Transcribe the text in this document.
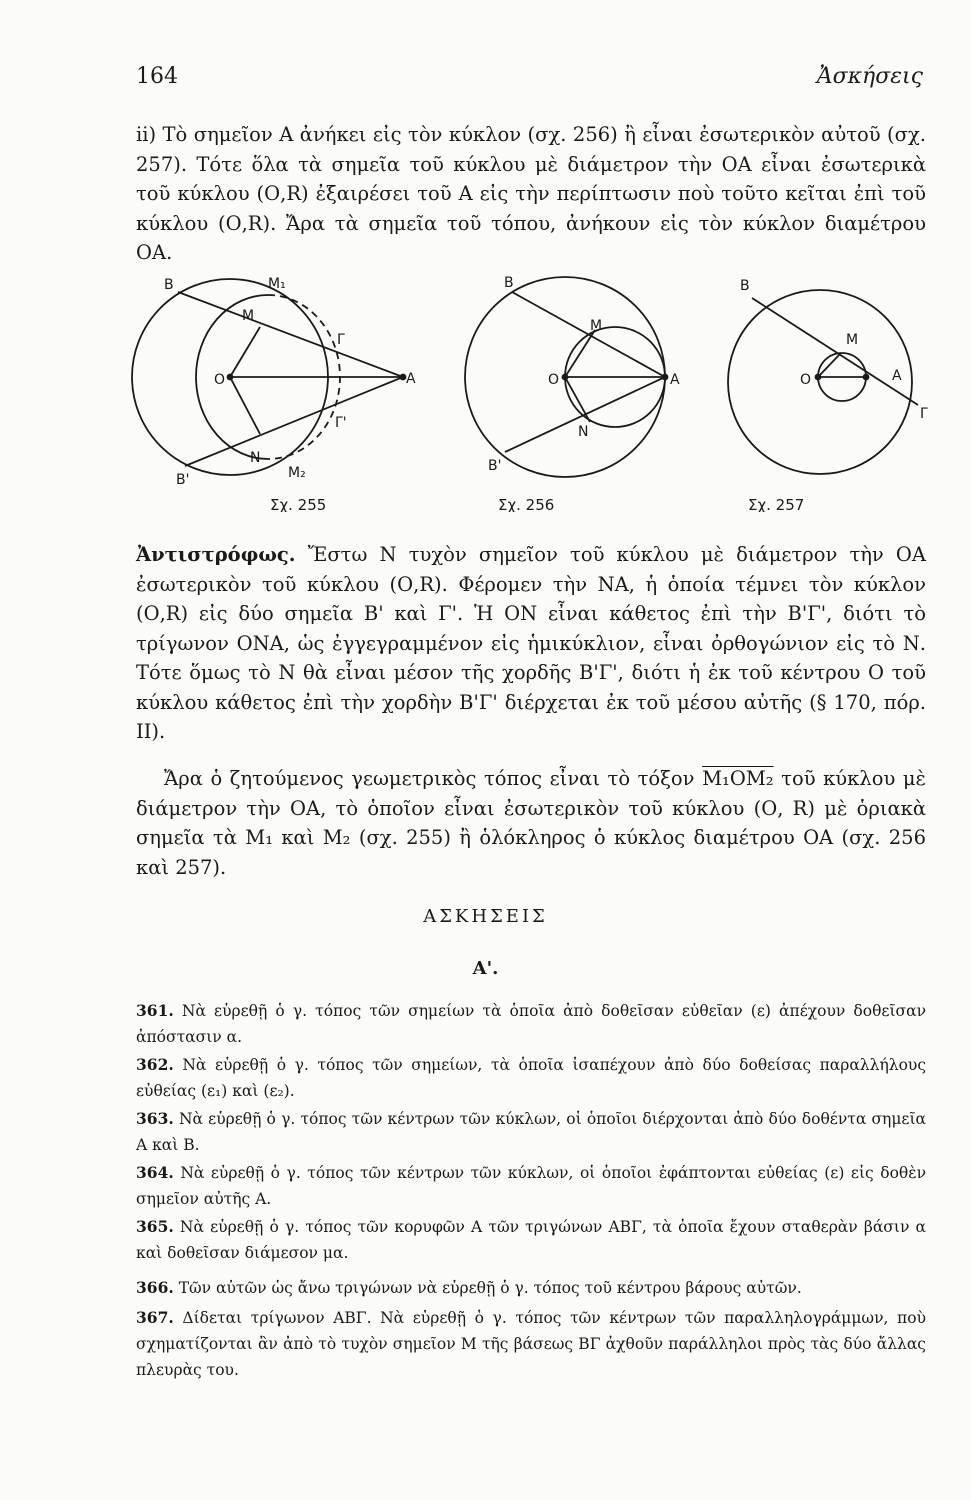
164	Ἀσκήσεις
ii) Τὸ σημεῖον Α ἀνήκει εἰς τὸν κύκλον (σχ. 256) ἢ εἶναι ἐσωτερικὸν αὐτοῦ (σχ. 257). Τότε ὅλα τὰ σημεῖα τοῦ κύκλου μὲ διάμετρον τὴν ΟΑ εἶναι ἐσωτερικὰ τοῦ κύκλου (Ο,R) ἐξαιρέσει τοῦ Α εἰς τὴν περίπτωσιν ποὺ τοῦτο κεῖται ἐπὶ τοῦ κύκλου (Ο,R). Ἄρα τὰ σημεῖα τοῦ τόπου, ἀνήκουν εἰς τὸν κύκλον διαμέτρου ΟΑ.
B	M₁
M
Γ
O	A
Γ'
N
M₂
B'
Σχ. 255
B
M
O	A
N
B'
Σχ. 256
B
M
O	A
Γ
Σχ. 257
Ἀντιστρόφως. Ἔστω Ν τυχὸν σημεῖον τοῦ κύκλου μὲ διάμετρον τὴν ΟΑ ἐσωτερικὸν τοῦ κύκλου (Ο,R). Φέρομεν τὴν ΝΑ, ἡ ὁποία τέμνει τὸν κύκλον (Ο,R) εἰς δύο σημεῖα Β' καὶ Γ'. Ἡ ΟΝ εἶναι κάθετος ἐπὶ τὴν Β'Γ', διότι τὸ τρίγωνον ΟΝΑ, ὡς ἐγγεγραμμένον εἰς ἡμικύκλιον, εἶναι ὀρθογώνιον εἰς τὸ Ν. Τότε ὅμως τὸ Ν θὰ εἶναι μέσον τῆς χορδῆς Β'Γ', διότι ἡ ἐκ τοῦ κέντρου Ο τοῦ κύκλου κάθετος ἐπὶ τὴν χορδὴν Β'Γ' διέρχεται ἐκ τοῦ μέσου αὐτῆς (§ 170, πόρ. ΙΙ).
Ἄρα ὁ ζητούμενος γεωμετρικὸς τόπος εἶναι τὸ τόξον M₁OM₂ τοῦ κύκλου μὲ διάμετρον τὴν ΟΑ, τὸ ὁποῖον εἶναι ἐσωτερικὸν τοῦ κύκλου (Ο, R) μὲ ὁριακὰ σημεῖα τὰ Μ₁ καὶ Μ₂ (σχ. 255) ἢ ὁλόκληρος ὁ κύκλος διαμέτρου ΟΑ (σχ. 256 καὶ 257).
ΑΣΚΗΣΕΙΣ
Α'.
361. Νὰ εὑρεθῇ ὁ γ. τόπος τῶν σημείων τὰ ὁποῖα ἀπὸ δοθεῖσαν εὐθεῖαν (ε) ἀπέχουν δοθεῖσαν ἀπόστασιν α.
362. Νὰ εὑρεθῇ ὁ γ. τόπος τῶν σημείων, τὰ ὁποῖα ἰσαπέχουν ἀπὸ δύο δοθείσας παραλλήλους εὐθείας (ε₁) καὶ (ε₂).
363. Νὰ εὑρεθῇ ὁ γ. τόπος τῶν κέντρων τῶν κύκλων, οἱ ὁποῖοι διέρχονται ἀπὸ δύο δοθέντα σημεῖα Α καὶ Β.
364. Νὰ εὑρεθῇ ὁ γ. τόπος τῶν κέντρων τῶν κύκλων, οἱ ὁποῖοι ἐφάπτονται εὐθείας (ε) εἰς δοθὲν σημεῖον αὐτῆς Α.
365. Νὰ εὑρεθῇ ὁ γ. τόπος τῶν κορυφῶν Α τῶν τριγώνων ΑΒΓ, τὰ ὁποῖα ἔχουν σταθερὰν βάσιν α καὶ δοθεῖσαν διάμεσον μα.
366. Τῶν αὐτῶν ὡς ἄνω τριγώνων νὰ εὑρεθῇ ὁ γ. τόπος τοῦ κέντρου βάρους αὐτῶν.
367. Δίδεται τρίγωνον ΑΒΓ. Νὰ εὑρεθῇ ὁ γ. τόπος τῶν κέντρων τῶν παραλληλογράμμων, ποὺ σχηματίζονται ἂν ἀπὸ τὸ τυχὸν σημεῖον Μ τῆς βάσεως ΒΓ ἀχθοῦν παράλληλοι πρὸς τὰς δύο ἄλλας πλευρὰς του.
